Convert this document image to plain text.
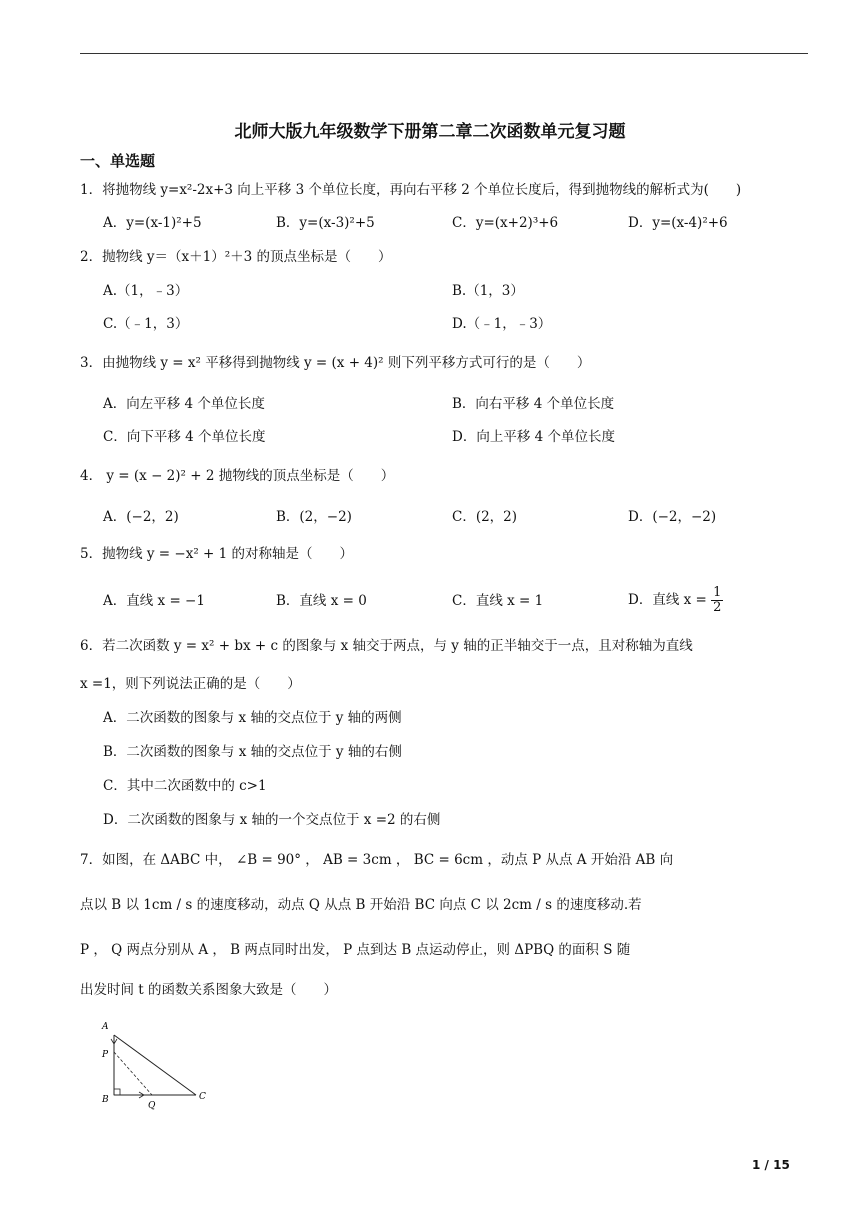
北师大版九年级数学下册第二章二次函数单元复习题
一、单选题
1．将抛物线 y=x²-2x+3 向上平移 3 个单位长度，再向右平移 2 个单位长度后，得到抛物线的解析式为(　　)
A．y=(x-1)²+5	B．y=(x-3)²+5	C．y=(x+2)³+6	D．y=(x-4)²+6
2．抛物线 y＝（x＋1）²＋3 的顶点坐标是（　　）
A.（1，﹣3）	B.（1，3）
C.（﹣1，3）	D.（﹣1，﹣3）
3．由抛物线 y = x² 平移得到抛物线 y = (x + 4)² 则下列平移方式可行的是（　　）
A．向左平移 4 个单位长度	B．向右平移 4 个单位长度
C．向下平移 4 个单位长度	D．向上平移 4 个单位长度
4． y = (x − 2)² + 2 抛物线的顶点坐标是（　　）
A．(−2，2)	B．(2，−2)	C．(2，2)	D．(−2，−2)
5．抛物线 y = −x² + 1 的对称轴是（　　）
A．直线 x = −1	B．直线 x = 0	C．直线 x = 1	D．直线 $x = \frac{1}{2}$
6．若二次函数 y = x² + bx + c 的图象与 x 轴交于两点，与 y 轴的正半轴交于一点，且对称轴为直线
x =1，则下列说法正确的是（　　）
A．二次函数的图象与 x 轴的交点位于 y 轴的两侧
B．二次函数的图象与 x 轴的交点位于 y 轴的右侧
C．其中二次函数中的 c>1
D．二次函数的图象与 x 轴的一个交点位于 x =2 的右侧
7．如图，在 ΔABC 中， ∠B = 90° ， AB = 3cm ， BC = 6cm ，动点 P 从点 A 开始沿 AB 向
点以 B 以 1cm / s 的速度移动，动点 Q 从点 B 开始沿 BC 向点 C 以 2cm / s 的速度移动.若
P ， Q 两点分别从 A ， B 两点同时出发， P 点到达 B 点运动停止，则 ΔPBQ 的面积 S 随
出发时间 t 的函数关系图象大致是（　　）
A
P
B
Q
C
1 / 15
